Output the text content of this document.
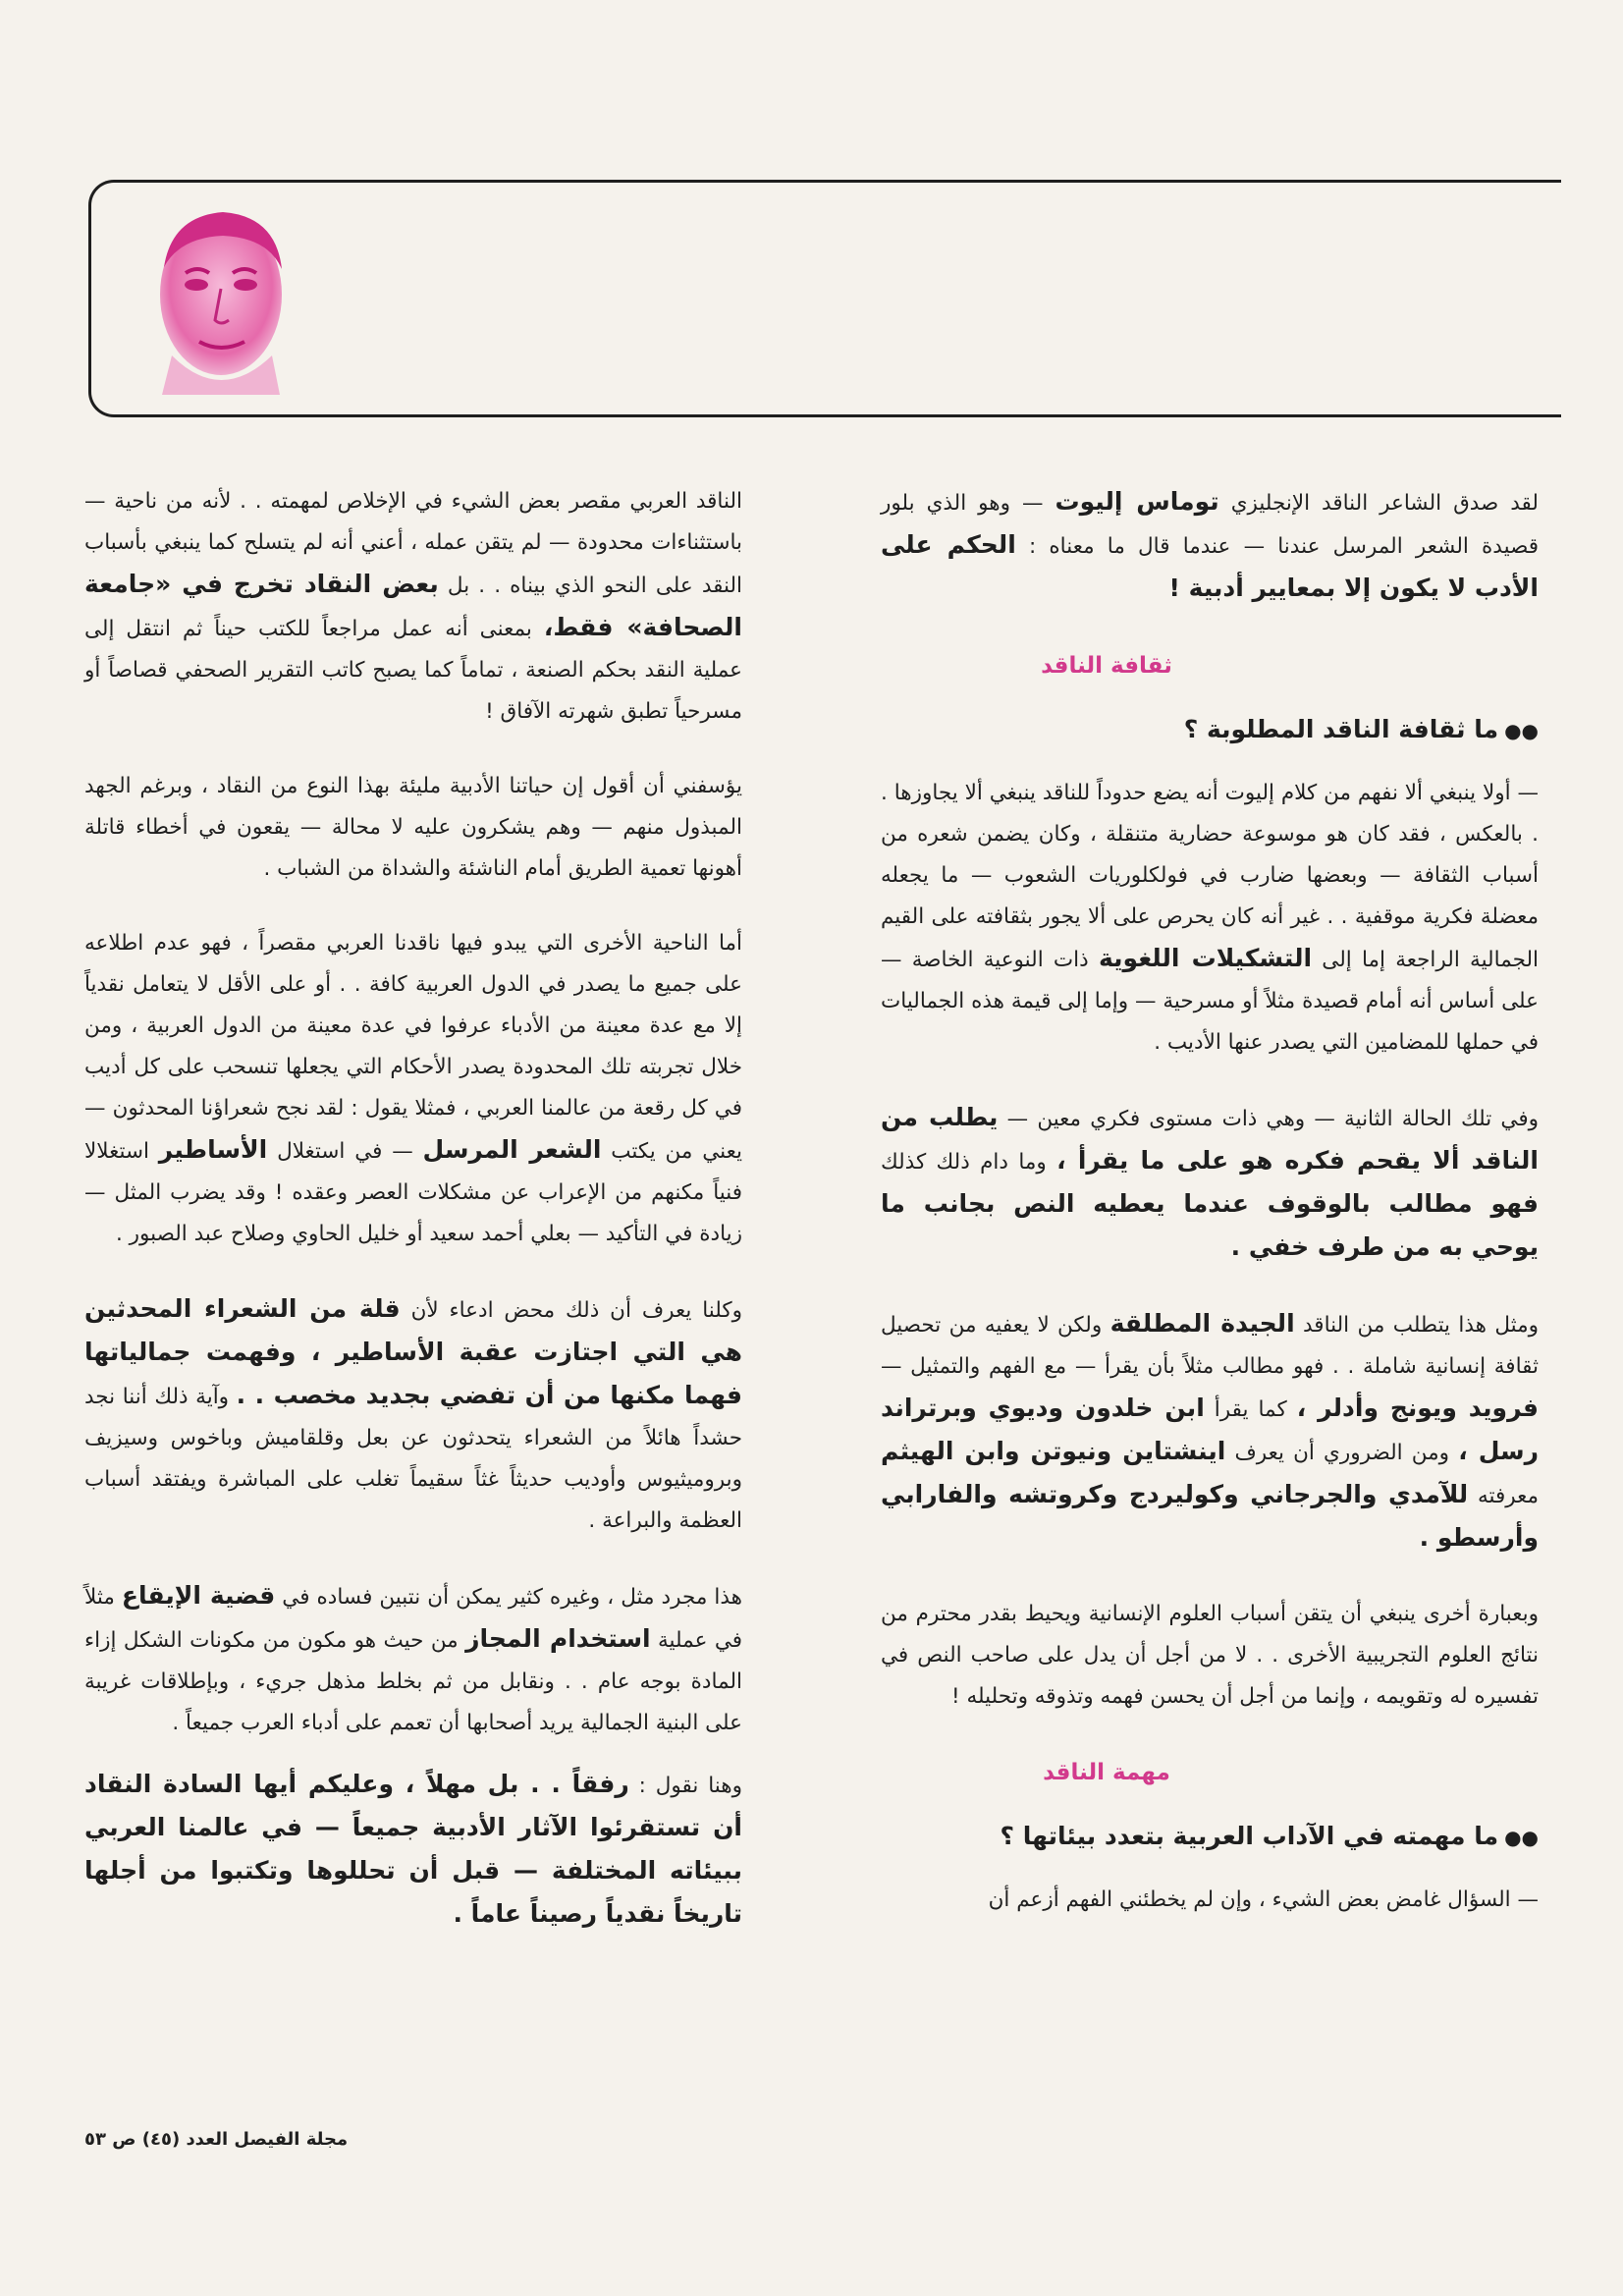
لقد صدق الشاعر الناقد الإنجليزي توماس إليوت — وهو الذي بلور قصيدة الشعر المرسل عندنا — عندما قال ما معناه : الحكم على الأدب لا يكون إلا بمعايير أدبية !

ثقافة الناقد

●●ما ثقافة الناقد المطلوبة ؟

— أولا ينبغي ألا نفهم من كلام إليوت أنه يضع حدوداً للناقد ينبغي ألا يجاوزها . . بالعكس ، فقد كان هو موسوعة حضارية متنقلة ، وكان يضمن شعره من أسباب الثقافة — وبعضها ضارب في فولكلوريات الشعوب — ما يجعله معضلة فكرية موقفية . . غير أنه كان يحرص على ألا يجور بثقافته على القيم الجمالية الراجعة إما إلى التشكيلات اللغوية ذات النوعية الخاصة — على أساس أنه أمام قصيدة مثلاً أو مسرحية — وإما إلى قيمة هذه الجماليات في حملها للمضامين التي يصدر عنها الأديب .

وفي تلك الحالة الثانية — وهي ذات مستوى فكري معين — يطلب من الناقد ألا يقحم فكره هو على ما يقرأ ، وما دام ذلك كذلك فهو مطالب بالوقوف عندما يعطيه النص بجانب ما يوحي به من طرف خفي .

ومثل هذا يتطلب من الناقد الجيدة المطلقة ولكن لا يعفيه من تحصيل ثقافة إنسانية شاملة . . فهو مطالب مثلاً بأن يقرأ — مع الفهم والتمثيل — فرويد ويونج وأدلر ، كما يقرأ ابن خلدون وديوي وبرتراند رسل ، ومن الضروري أن يعرف اينشتاين ونيوتن وابن الهيثم معرفته للآمدي والجرجاني وكوليردج وكروتشه والفارابي وأرسطو .

وبعبارة أخرى ينبغي أن يتقن أسباب العلوم الإنسانية ويحيط بقدر محترم من نتائج العلوم التجريبية الأخرى . . لا من أجل أن يدل على صاحب النص في تفسيره له وتقويمه ، وإنما من أجل أن يحسن فهمه وتذوقه وتحليله !

مهمة الناقد

●●ما مهمته في الآداب العربية بتعدد بيئاتها ؟

— السؤال غامض بعض الشيء ، وإن لم يخطئني الفهم أزعم أن

الناقد العربي مقصر بعض الشيء في الإخلاص لمهمته . . لأنه من ناحية — باستثناءات محدودة — لم يتقن عمله ، أعني أنه لم يتسلح كما ينبغي بأسباب النقد على النحو الذي بيناه . . بل بعض النقاد تخرج في «جامعة الصحافة» فقط، بمعنى أنه عمل مراجعاً للكتب حيناً ثم انتقل إلى عملية النقد بحكم الصنعة ، تماماً كما يصبح كاتب التقرير الصحفي قصاصاً أو مسرحياً تطبق شهرته الآفاق !

يؤسفني أن أقول إن حياتنا الأدبية مليئة بهذا النوع من النقاد ، وبرغم الجهد المبذول منهم — وهم يشكرون عليه لا محالة — يقعون في أخطاء قاتلة أهونها تعمية الطريق أمام الناشئة والشداة من الشباب .

أما الناحية الأخرى التي يبدو فيها ناقدنا العربي مقصراً ، فهو عدم اطلاعه على جميع ما يصدر في الدول العربية كافة . . أو على الأقل لا يتعامل نقدياً إلا مع عدة معينة من الأدباء عرفوا في عدة معينة من الدول العربية ، ومن خلال تجربته تلك المحدودة يصدر الأحكام التي يجعلها تنسحب على كل أديب في كل رقعة من عالمنا العربي ، فمثلا يقول : لقد نجح شعراؤنا المحدثون — يعني من يكتب الشعر المرسل — في استغلال الأساطير استغلالا فنياً مكنهم من الإعراب عن مشكلات العصر وعقده ! وقد يضرب المثل — زيادة في التأكيد — بعلي أحمد سعيد أو خليل الحاوي وصلاح عبد الصبور .

وكلنا يعرف أن ذلك محض ادعاء لأن قلة من الشعراء المحدثين هي التي اجتازت عقبة الأساطير ، وفهمت جمالياتها فهما مكنها من أن تفضي بجديد مخصب . . وآية ذلك أننا نجد حشداً هائلاً من الشعراء يتحدثون عن بعل وقلقاميش وباخوس وسيزيف وبروميثيوس وأوديب حديثاً غثاً سقيماً تغلب على المباشرة ويفتقد أسباب العظمة والبراعة .

هذا مجرد مثل ، وغيره كثير يمكن أن نتبين فساده في قضية الإيقاع مثلاً في عملية استخدام المجاز من حيث هو مكون من مكونات الشكل إزاء المادة بوجه عام . . ونقابل من ثم بخلط مذهل جريء ، وبإطلاقات غريبة على البنية الجمالية يريد أصحابها أن تعمم على أدباء العرب جميعاً .

وهنا نقول : رفقاً . . بل مهلاً ، وعليكم أيها السادة النقاد أن تستقرئوا الآثار الأدبية جميعاً — في عالمنا العربي ببيئاته المختلفة — قبل أن تحللوها وتكتبوا من أجلها تاريخاً نقدياً رصيناً عاماً .

مجلة الفيصل العدد (٤٥) ص ٥٣
